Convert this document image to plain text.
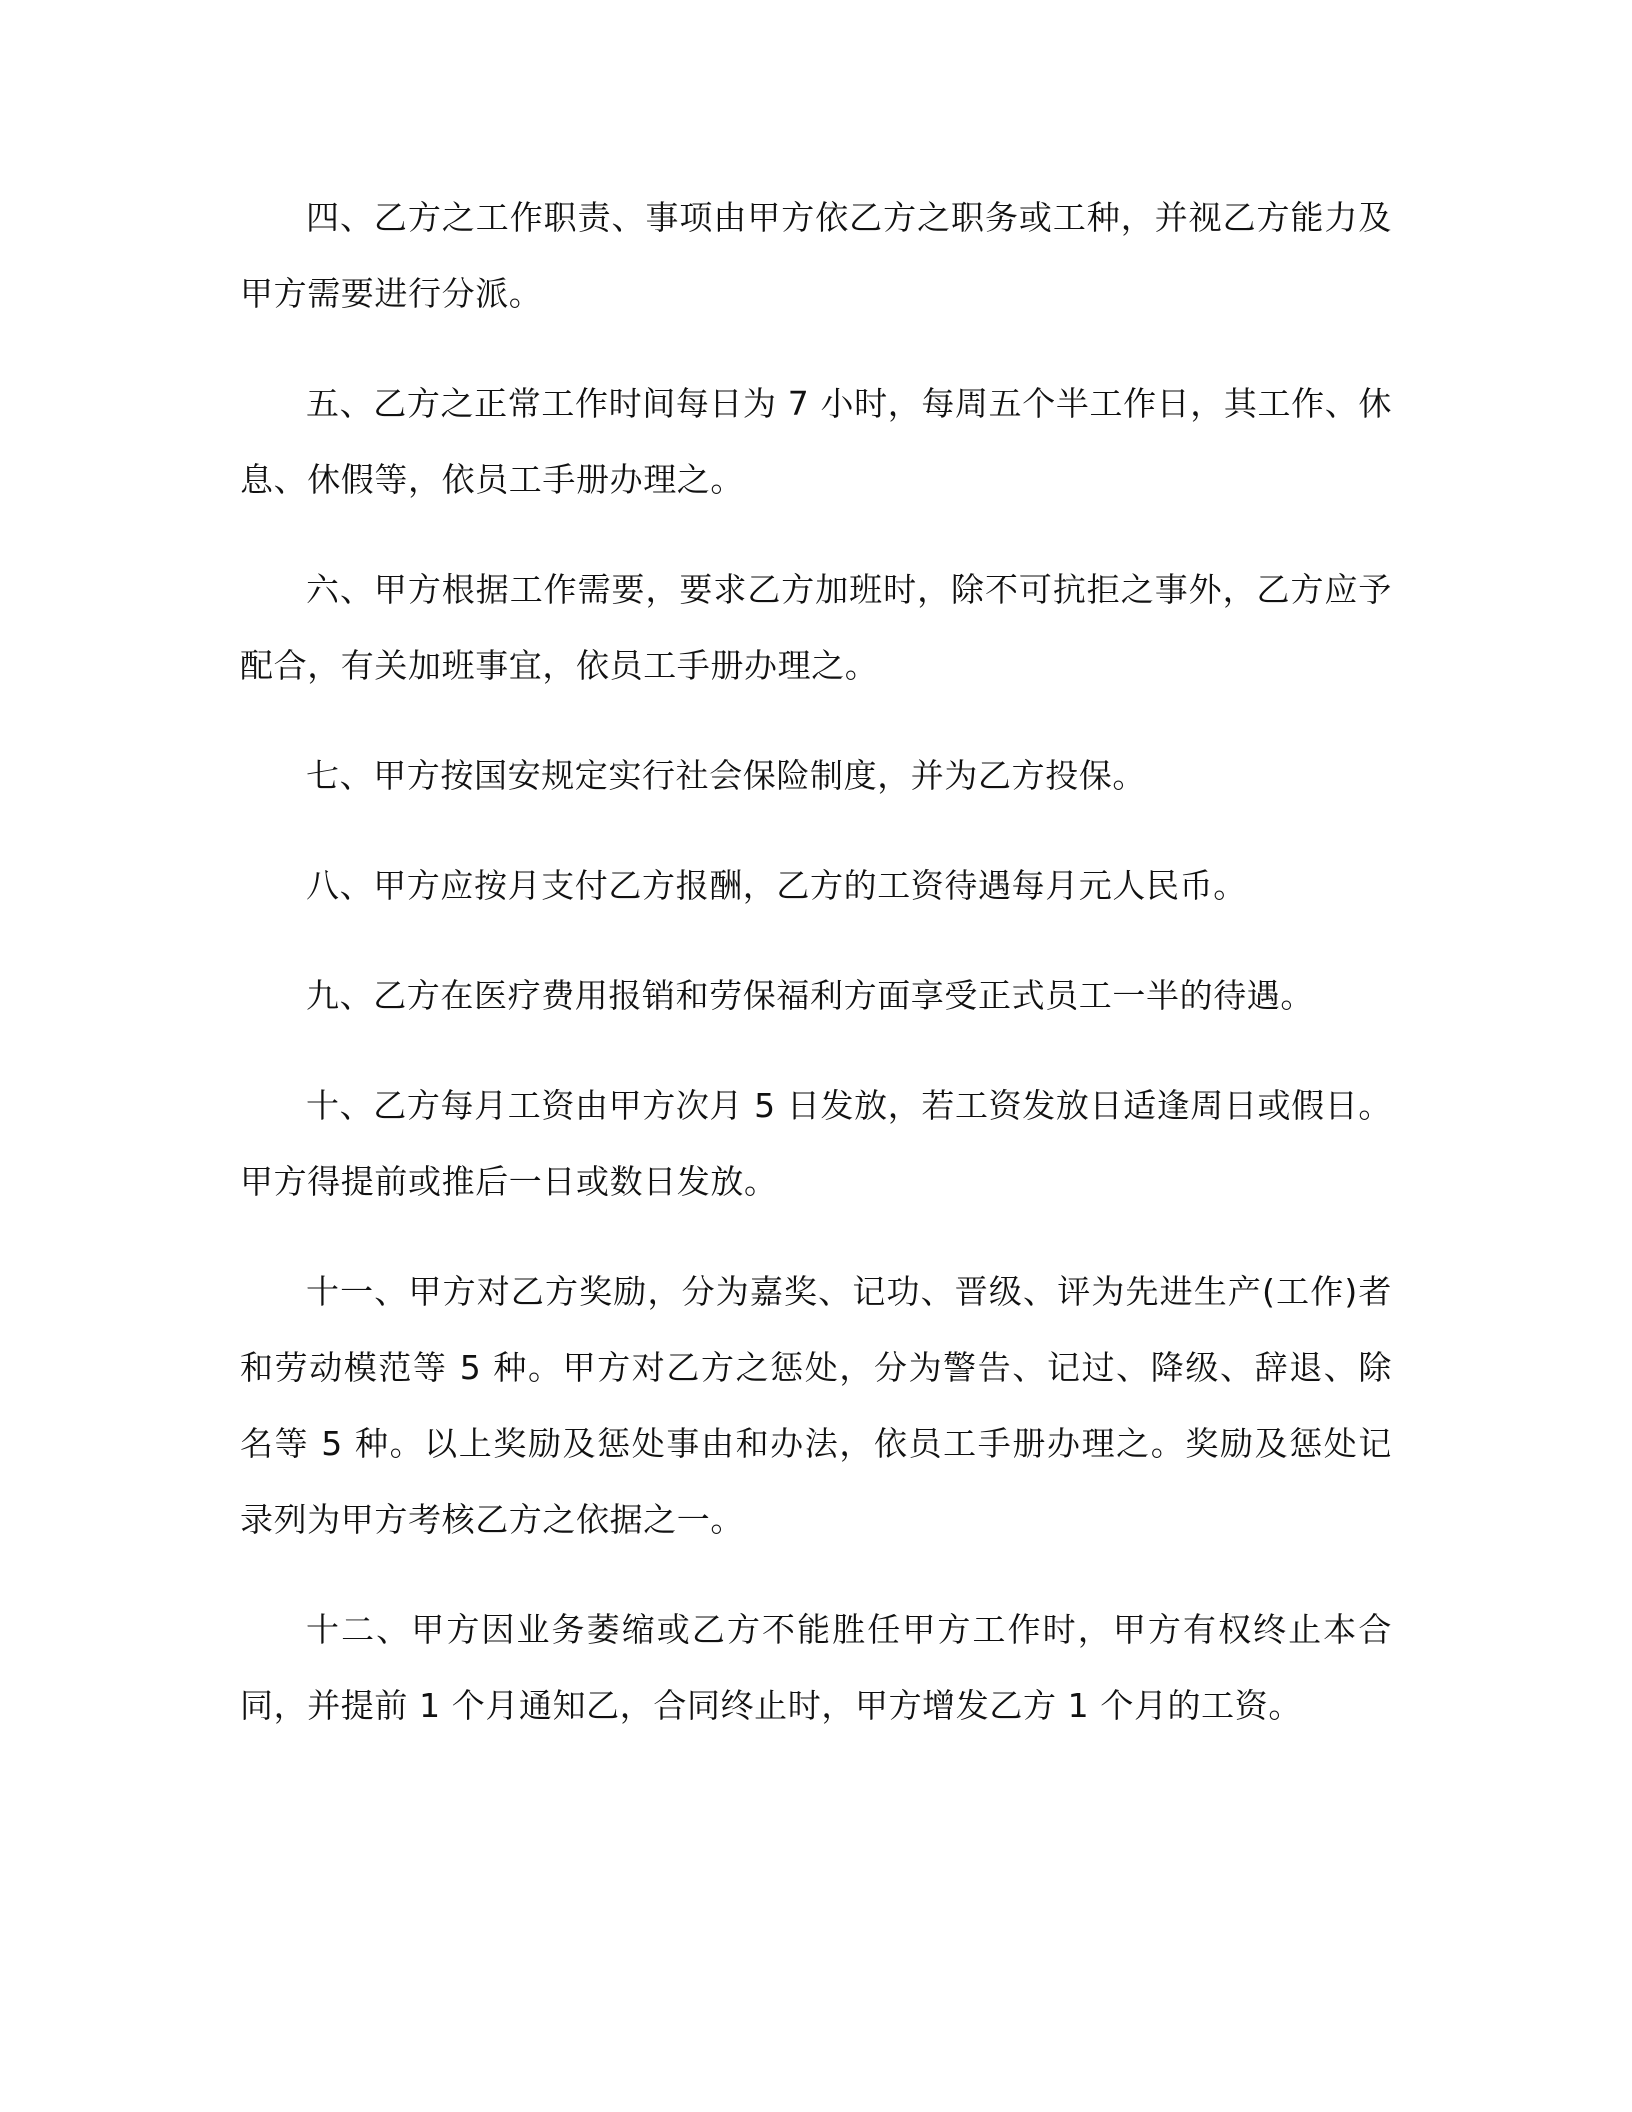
四、乙方之工作职责、事项由甲方依乙方之职务或工种，并视乙方能力及甲方需要进行分派。

五、乙方之正常工作时间每日为 7 小时，每周五个半工作日，其工作、休息、休假等，依员工手册办理之。

六、甲方根据工作需要，要求乙方加班时，除不可抗拒之事外，乙方应予配合，有关加班事宜，依员工手册办理之。

七、甲方按国安规定实行社会保险制度，并为乙方投保。

八、甲方应按月支付乙方报酬，乙方的工资待遇每月元人民币。

九、乙方在医疗费用报销和劳保福利方面享受正式员工一半的待遇。

十、乙方每月工资由甲方次月 5 日发放，若工资发放日适逢周日或假日。甲方得提前或推后一日或数日发放。

十一、甲方对乙方奖励，分为嘉奖、记功、晋级、评为先进生产(工作)者和劳动模范等 5 种。甲方对乙方之惩处，分为警告、记过、降级、辞退、除名等 5 种。以上奖励及惩处事由和办法，依员工手册办理之。奖励及惩处记录列为甲方考核乙方之依据之一。

十二、甲方因业务萎缩或乙方不能胜任甲方工作时，甲方有权终止本合同，并提前 1 个月通知乙，合同终止时，甲方增发乙方 1 个月的工资。
